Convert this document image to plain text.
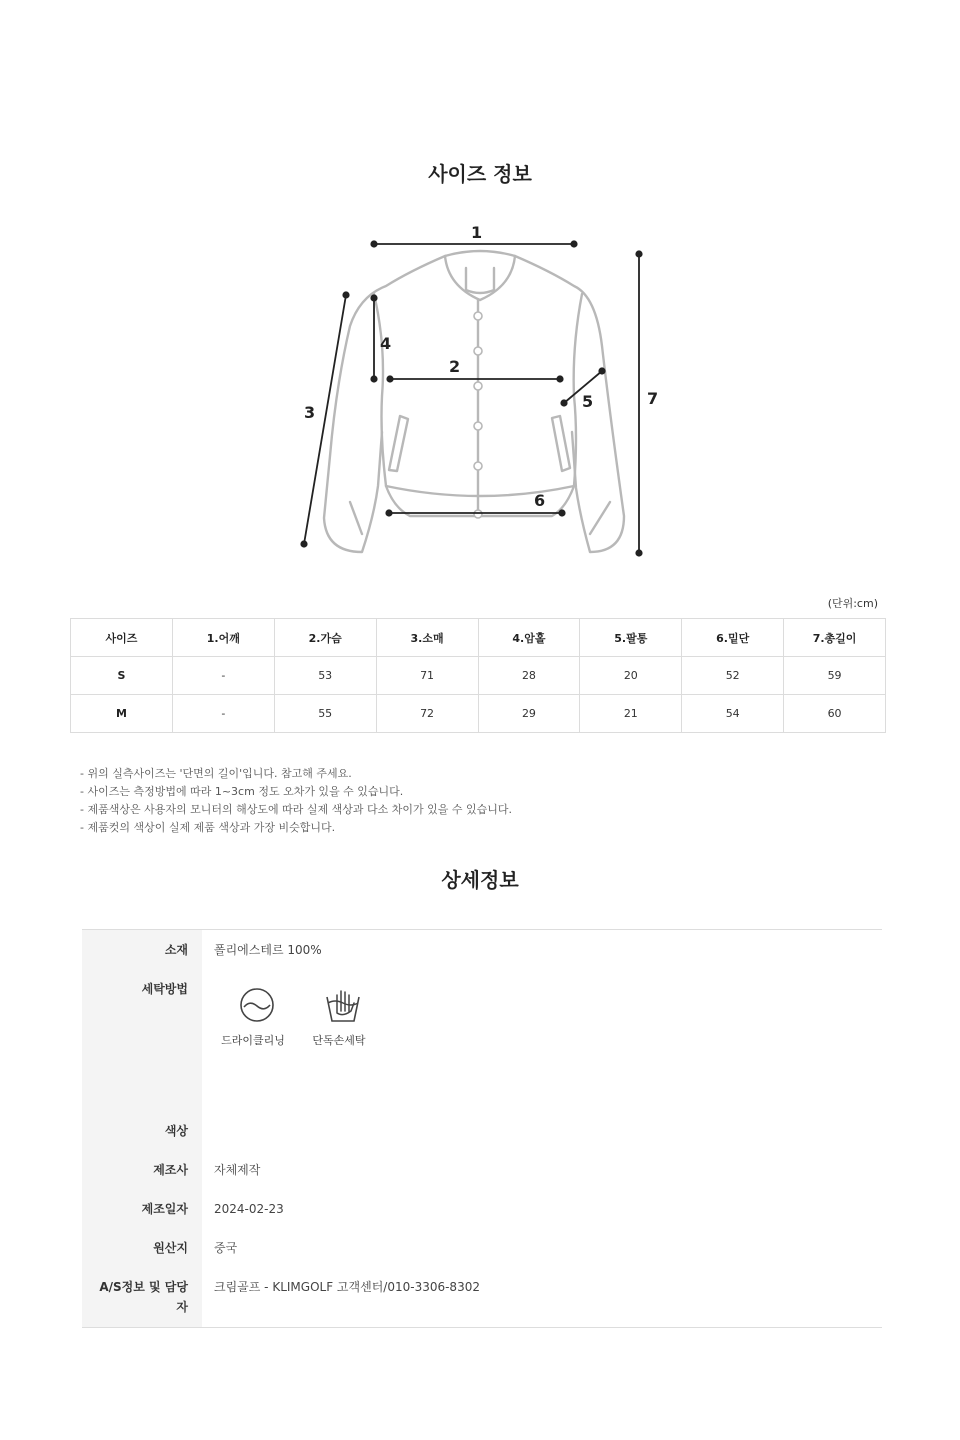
사이즈 정보
1
2
3
4
5
6
7
(단위:cm)
사이즈	1.어깨	2.가슴	3.소매	4.암홀	5.팔통	6.밑단	7.총길이
S	-	53	71	28	20	52	59
M	-	55	72	29	21	54	60
- 위의 실측사이즈는 '단면의 길이'입니다. 참고해 주세요.
- 사이즈는 측정방법에 따라 1~3cm 정도 오차가 있을 수 있습니다.
- 제품색상은 사용자의 모니터의 해상도에 따라 실제 색상과 다소 차이가 있을 수 있습니다.
- 제품컷의 색상이 실제 제품 색상과 가장 비슷합니다.
상세정보
소재	폴리에스테르 100%
세탁방법
드라이클리닝	단독손세탁
색상
제조사	자체제작
제조일자	2024-02-23
원산지	중국
A/S정보 및 담당
자
크림골프 - KLIMGOLF 고객센터/010-3306-8302
